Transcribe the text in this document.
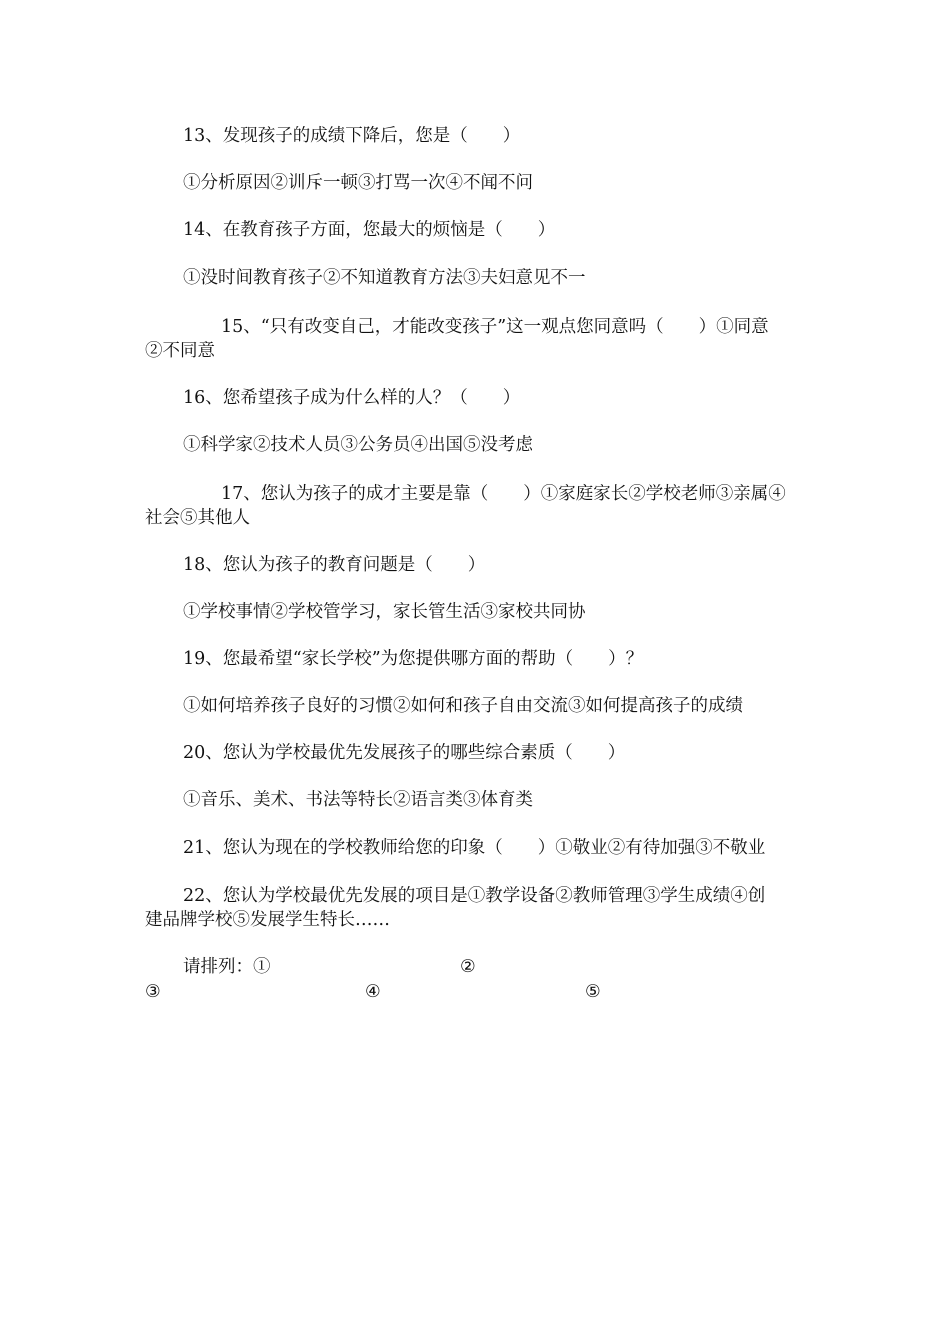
13、发现孩子的成绩下降后，您是（　　）
①分析原因②训斥一顿③打骂一次④不闻不问
14、在教育孩子方面，您最大的烦恼是（　　）
①没时间教育孩子②不知道教育方法③夫妇意见不一
15、“只有改变自己，才能改变孩子”这一观点您同意吗（　　）①同意
②不同意
16、您希望孩子成为什么样的人？（　　）
①科学家②技术人员③公务员④出国⑤没考虑
17、您认为孩子的成才主要是靠（　　）①家庭家长②学校老师③亲属④
社会⑤其他人
18、您认为孩子的教育问题是（　　）
①学校事情②学校管学习，家长管生活③家校共同协
19、您最希望“家长学校”为您提供哪方面的帮助（　　）？
①如何培养孩子良好的习惯②如何和孩子自由交流③如何提高孩子的成绩
20、您认为学校最优先发展孩子的哪些综合素质（　　）
①音乐、美术、书法等特长②语言类③体育类
21、您认为现在的学校教师给您的印象（　　）①敬业②有待加强③不敬业
22、您认为学校最优先发展的项目是①教学设备②教师管理③学生成绩④创
建品牌学校⑤发展学生特长……
请排列：①	②
③	④	⑤
